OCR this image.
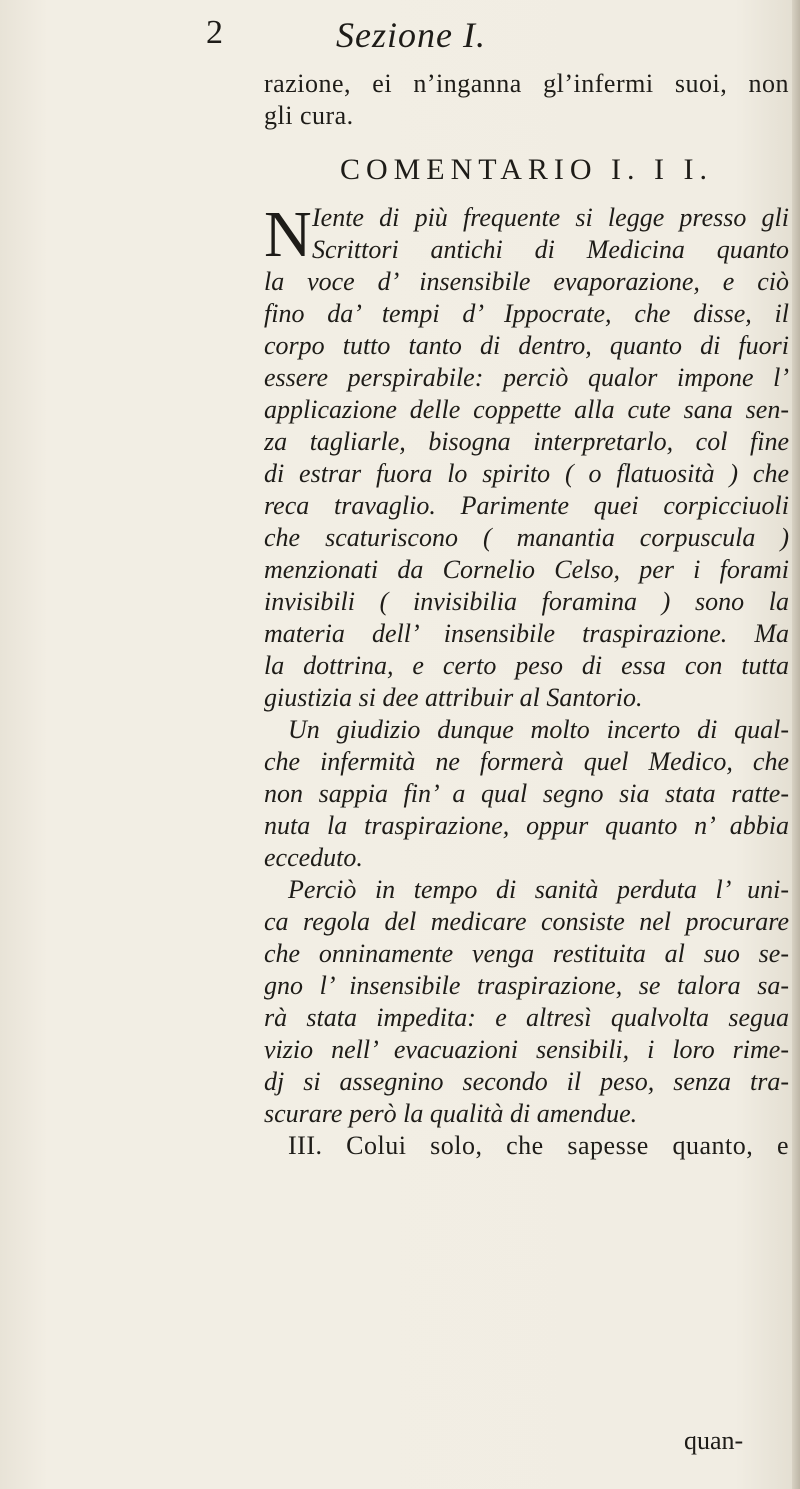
2	Sezione I.
razione, ei n’inganna gl’infermi suoi, non
gli cura.
COMENTARIO I. I I.
N Iente di più frequente si legge presso gli
Scrittori antichi di Medicina quanto
la voce d’ insensibile evaporazione, e ciò
fino da’ tempi d’ Ippocrate, che disse, il
corpo tutto tanto di dentro, quanto di fuori
essere perspirabile: perciò qualor impone l’
applicazione delle coppette alla cute sana sen-
za tagliarle, bisogna interpretarlo, col fine
di estrar fuora lo spirito ( o flatuosità ) che
reca travaglio. Parimente quei corpicciuoli
che scaturiscono ( manantia corpuscula )
menzionati da Cornelio Celso, per i forami
invisibili ( invisibilia foramina ) sono la
materia dell’ insensibile traspirazione. Ma
la dottrina, e certo peso di essa con tutta
giustizia si dee attribuir al Santorio.
Un giudizio dunque molto incerto di qual-
che infermità ne formerà quel Medico, che
non sappia fin’ a qual segno sia stata ratte-
nuta la traspirazione, oppur quanto n’ abbia
ecceduto.
Perciò in tempo di sanità perduta l’ uni-
ca regola del medicare consiste nel procurare
che onninamente venga restituita al suo se-
gno l’ insensibile traspirazione, se talora sa-
rà stata impedita: e altresì qualvolta segua
vizio nell’ evacuazioni sensibili, i loro rime-
dj si assegnino secondo il peso, senza tra-
scurare però la qualità di amendue.
III. Colui solo, che sapesse quanto, e
quan-
